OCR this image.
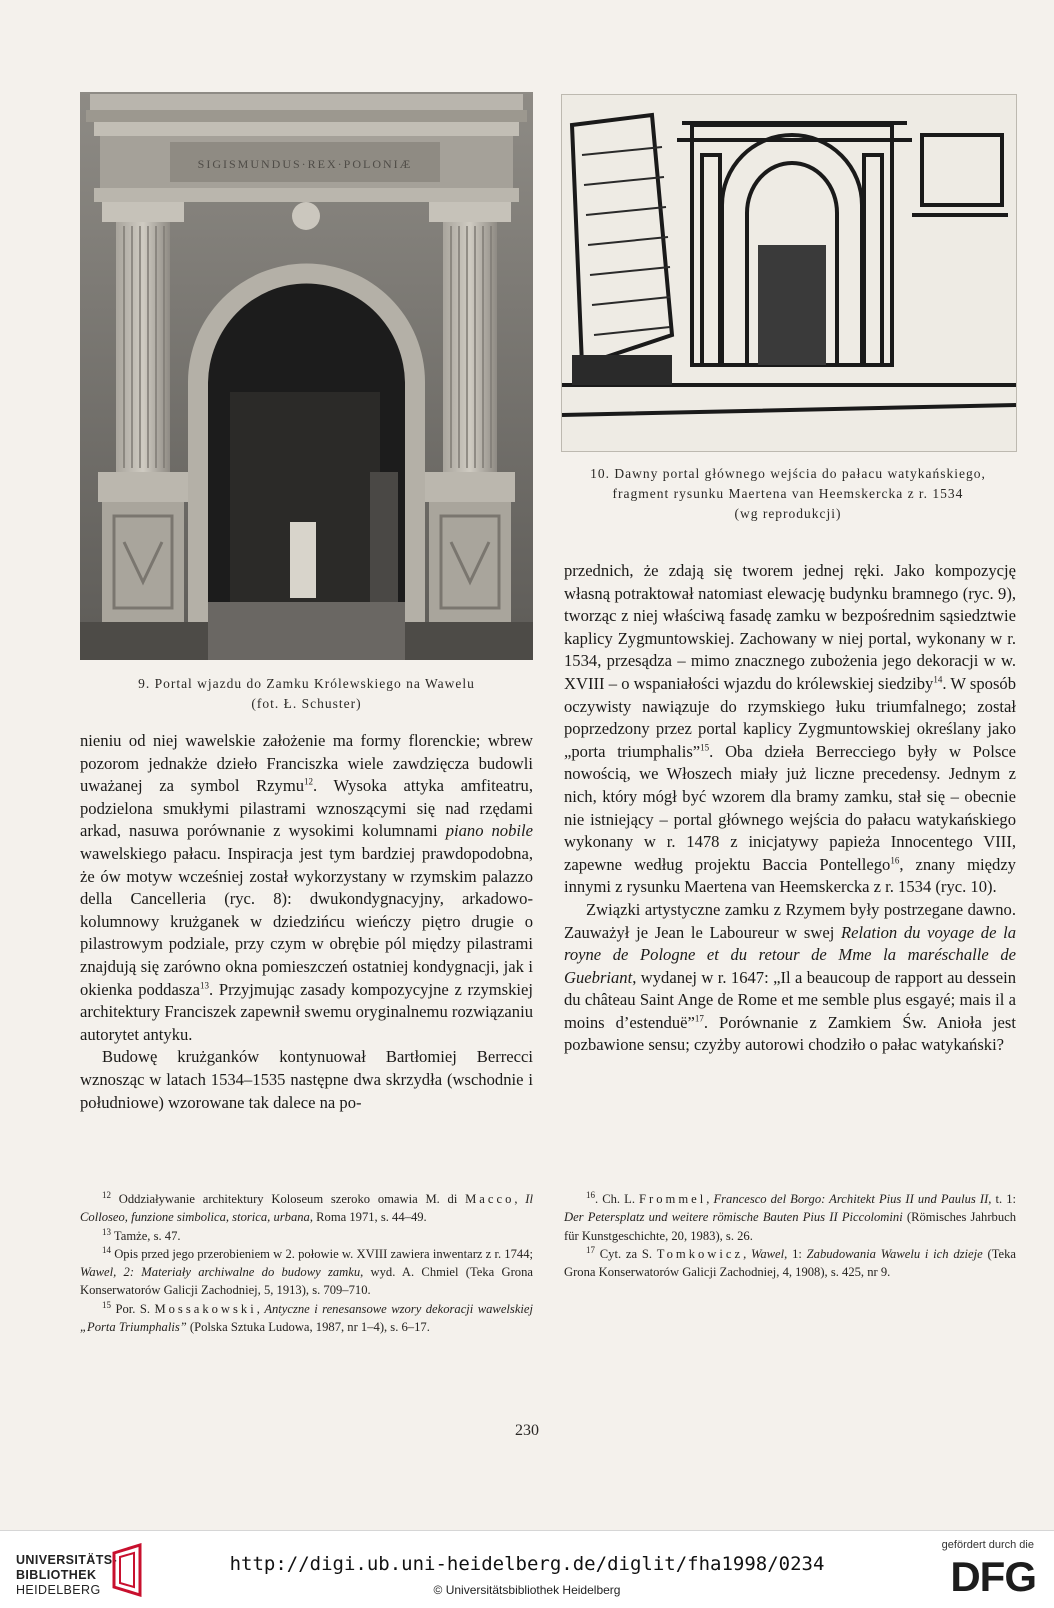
SIGISMUNDUS·REX·POLONIÆ
9. Portal wjazdu do Zamku Królewskiego na Wawelu
(fot. Ł. Schuster)
10. Dawny portal głównego wejścia do pałacu watykańskiego,
fragment rysunku Maertena van Heemskercka z r. 1534
(wg reprodukcji)

nieniu od niej wawelskie założenie ma formy florenckie; wbrew pozorom jednakże dzieło Franciszka wiele zawdzięcza budowli uważanej za symbol Rzymu$^{12}$. Wysoka attyka amfiteatru, podzielona smukłymi pilastrami wznoszącymi się nad rzędami arkad, nasuwa porównanie z wysokimi kolumnami piano nobile wawelskiego pałacu. Inspiracja jest tym bardziej prawdopodobna, że ów motyw wcześniej został wykorzystany w rzymskim palazzo della Cancelleria (ryc. 8): dwukondygnacyjny, arkadowo-kolumnowy krużganek w dziedzińcu wieńczy piętro drugie o pilastrowym podziale, przy czym w obrębie pól między pilastrami znajdują się zarówno okna pomieszczeń ostatniej kondygnacji, jak i okienka poddasza$^{13}$. Przyjmując zasady kompozycyjne z rzymskiej architektury Franciszek zapewnił swemu oryginalnemu rozwiązaniu autorytet antyku.

Budowę krużganków kontynuował Bartłomiej Berrecci wznosząc w latach 1534–1535 następne dwa skrzydła (wschodnie i południowe) wzorowane tak dalece na po-

przednich, że zdają się tworem jednej ręki. Jako kompozycję własną potraktował natomiast elewację budynku bramnego (ryc. 9), tworząc z niej właściwą fasadę zamku w bezpośrednim sąsiedztwie kaplicy Zygmuntowskiej. Zachowany w niej portal, wykonany w r. 1534, przesądza – mimo znacznego zubożenia jego dekoracji w w. XVIII – o wspaniałości wjazdu do królewskiej siedziby$^{14}$. W sposób oczywisty nawiązuje do rzymskiego łuku triumfalnego; został poprzedzony przez portal kaplicy Zygmuntowskiej określany jako „porta triumphalis”$^{15}$. Oba dzieła Berrecciego były w Polsce nowością, we Włoszech miały już liczne precedensy. Jednym z nich, który mógł być wzorem dla bramy zamku, stał się – obecnie nie istniejący – portal głównego wejścia do pałacu watykańskiego wykonany w r. 1478 z inicjatywy papieża Innocentego VIII, zapewne według projektu Baccia Pontellego$^{16}$, znany między innymi z rysunku Maertena van Heemskercka z r. 1534 (ryc. 10).

Związki artystyczne zamku z Rzymem były postrzegane dawno. Zauważył je Jean le Laboureur w swej Relation du voyage de la royne de Pologne et du retour de Mme la maréschalle de Guebriant, wydanej w r. 1647: „Il a beaucoup de rapport au dessein du château Saint Ange de Rome et me semble plus esgayé; mais il a moins d’estenduë”$^{17}$. Porównanie z Zamkiem Św. Anioła jest pozbawione sensu; czyżby autorowi chodziło o pałac watykański?

$^{12}$ Oddziaływanie architektury Koloseum szeroko omawia M. di Macco, Il Colloseo, funzione simbolica, storica, urbana, Roma 1971, s. 44–49.

$^{13}$ Tamże, s. 47.

$^{14}$ Opis przed jego przerobieniem w 2. połowie w. XVIII zawiera inwentarz z r. 1744; Wawel, 2: Materiały archiwalne do budowy zamku, wyd. A. Chmiel (Teka Grona Konserwatorów Galicji Zachodniej, 5, 1913), s. 709–710.

$^{15}$ Por. S. Mossakowski, Antyczne i renesansowe wzory dekoracji wawelskiej „Porta Triumphalis” (Polska Sztuka Ludowa, 1987, nr 1–4), s. 6–17.

$^{16}$. Ch. L. Frommel, Francesco del Borgo: Architekt Pius II und Paulus II, t. 1: Der Petersplatz und weitere römische Bauten Pius II Piccolomini (Römisches Jahrbuch für Kunstgeschichte, 20, 1983), s. 26.

$^{17}$ Cyt. za S. Tomkowicz, Wawel, 1: Zabudowania Wawelu i ich dzieje (Teka Grona Konserwatorów Galicji Zachodniej, 4, 1908), s. 425, nr 9.

230
UNIVERSITÄTS-
BIBLIOTHEK
HEIDELBERG
http://digi.ub.uni-heidelberg.de/diglit/fha1998/0234
© Universitätsbibliothek Heidelberg
gefördert durch die
DFG
